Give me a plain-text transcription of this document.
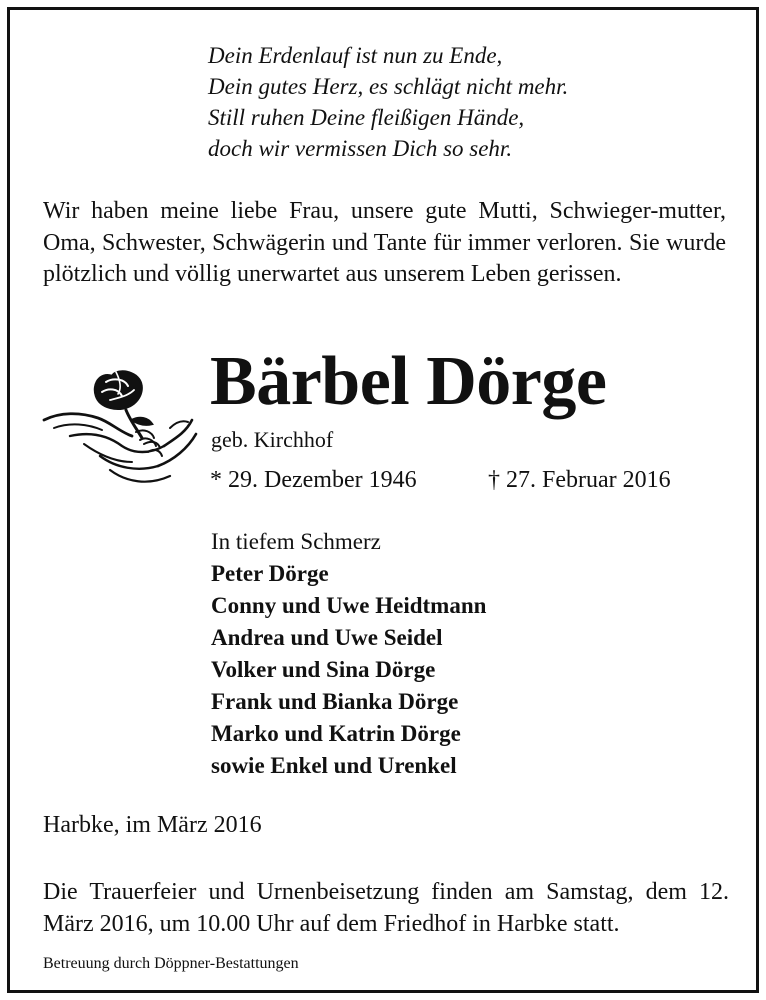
Dein Erdenlauf ist nun zu Ende,
Dein gutes Herz, es schlägt nicht mehr.
Still ruhen Deine fleißigen Hände,
doch wir vermissen Dich so sehr.
Wir haben meine liebe Frau, unsere gute Mutti, Schwieger-mutter, Oma, Schwester, Schwägerin und Tante für immer verloren. Sie wurde plötzlich und völlig unerwartet aus unserem Leben gerissen.
Bärbel Dörge
geb. Kirchhof
* 29. Dezember 1946	† 27. Februar 2016
In tiefem Schmerz
Peter Dörge
Conny und Uwe Heidtmann
Andrea und Uwe Seidel
Volker und Sina Dörge
Frank und Bianka Dörge
Marko und Katrin Dörge
sowie Enkel und Urenkel
Harbke, im März 2016
Die Trauerfeier und Urnenbeisetzung finden am Samstag, dem 12. März 2016, um 10.00 Uhr auf dem Friedhof in Harbke statt.
Betreuung durch Döppner-Bestattungen
